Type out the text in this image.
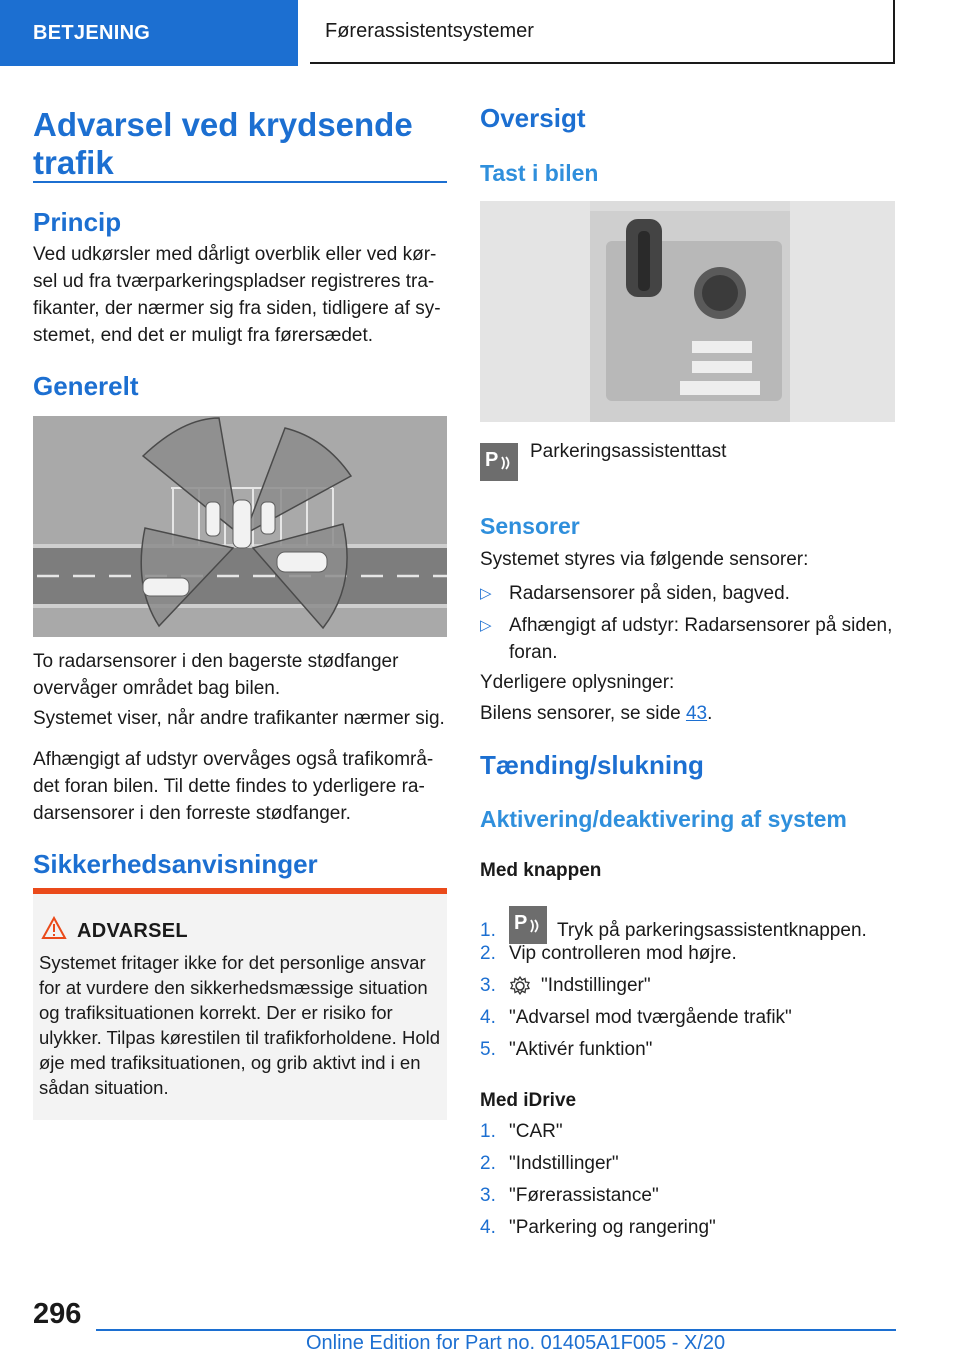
BETJENING	Førerassistentsystemer
Advarsel ved krydsende trafik
Princip

Ved udkørsler med dårligt overblik eller ved kør-sel ud fra tværparkeringspladser registreres tra-fikanter, der nærmer sig fra siden, tidligere af sy-stemet, end det er muligt fra førersædet.

Generelt

To radarsensorer i den bagerste stødfanger overvåger området bag bilen.

Systemet viser, når andre trafikanter nærmer sig.

Afhængigt af udstyr overvåges også trafikområ-det foran bilen. Til dette findes to yderligere ra-darsensorer i den forreste stødfanger.

Sikkerhedsanvisninger
ADVARSEL
Systemet fritager ikke for det personlige ansvar for at vurdere den sikkerhedsmæssige situation og trafiksituationen korrekt. Der er risiko for ulykker. Tilpas kørestilen til trafikforholdene. Hold øje med trafiksituationen, og grib aktivt ind i en sådan situation.
Oversigt
Tast i bilen
P Parkeringsassistenttast

Sensorer

Systemet styres via følgende sensorer:

▷ Radarsensorer på siden, bagved.
▷ Afhængigt af udstyr: Radarsensorer på siden, foran.

Yderligere oplysninger:

Bilens sensorer, se side 43.

Tænding/slukning
Aktivering/deaktivering af system
Med knappen
1. P Tryk på parkeringsassistentknappen.
2. Vip controlleren mod højre.
3.	"Indstillinger"
4. "Advarsel mod tværgående trafik"
5. "Aktivér funktion"
Med iDrive
1. "CAR"
2. "Indstillinger"
3. "Førerassistance"
4. "Parkering og rangering"
296
Online Edition for Part no. 01405A1F005 - X/20
